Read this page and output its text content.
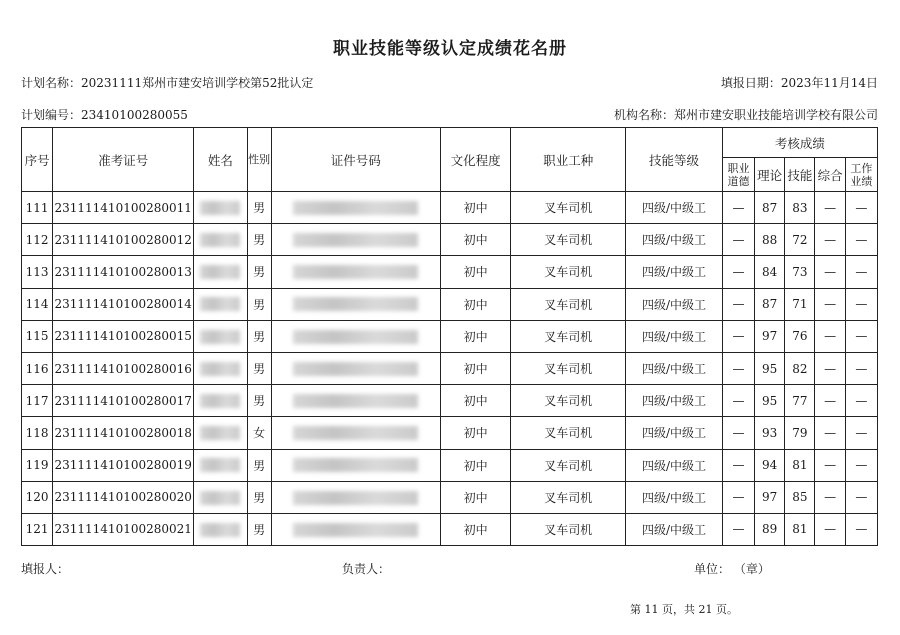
职业技能等级认定成绩花名册
计划名称：20231111郑州市建安培训学校第52批认定	填报日期：2023年11月14日
计划编号：23410100280055	机构名称：郑州市建安职业技能培训学校有限公司
序号	准考证号	姓名	性别	证件号码	文化程度	职业工种	技能等级	考核成绩				
								职业道德	理论	技能	综合	工作业绩
111	231111410100280011		男		初中	叉车司机	四级/中级工	—	87	83	—	—
112	231111410100280012		男		初中	叉车司机	四级/中级工	—	88	72	—	—
113	231111410100280013		男		初中	叉车司机	四级/中级工	—	84	73	—	—
114	231111410100280014		男		初中	叉车司机	四级/中级工	—	87	71	—	—
115	231111410100280015		男		初中	叉车司机	四级/中级工	—	97	76	—	—
116	231111410100280016		男		初中	叉车司机	四级/中级工	—	95	82	—	—
117	231111410100280017		男		初中	叉车司机	四级/中级工	—	95	77	—	—
118	231111410100280018		女		初中	叉车司机	四级/中级工	—	93	79	—	—
119	231111410100280019		男		初中	叉车司机	四级/中级工	—	94	81	—	—
120	231111410100280020		男		初中	叉车司机	四级/中级工	—	97	85	—	—
121	231111410100280021		男		初中	叉车司机	四级/中级工	—	89	81	—	—
填报人：	负责人：	单位： （章）
第 11 页，共 21 页。
